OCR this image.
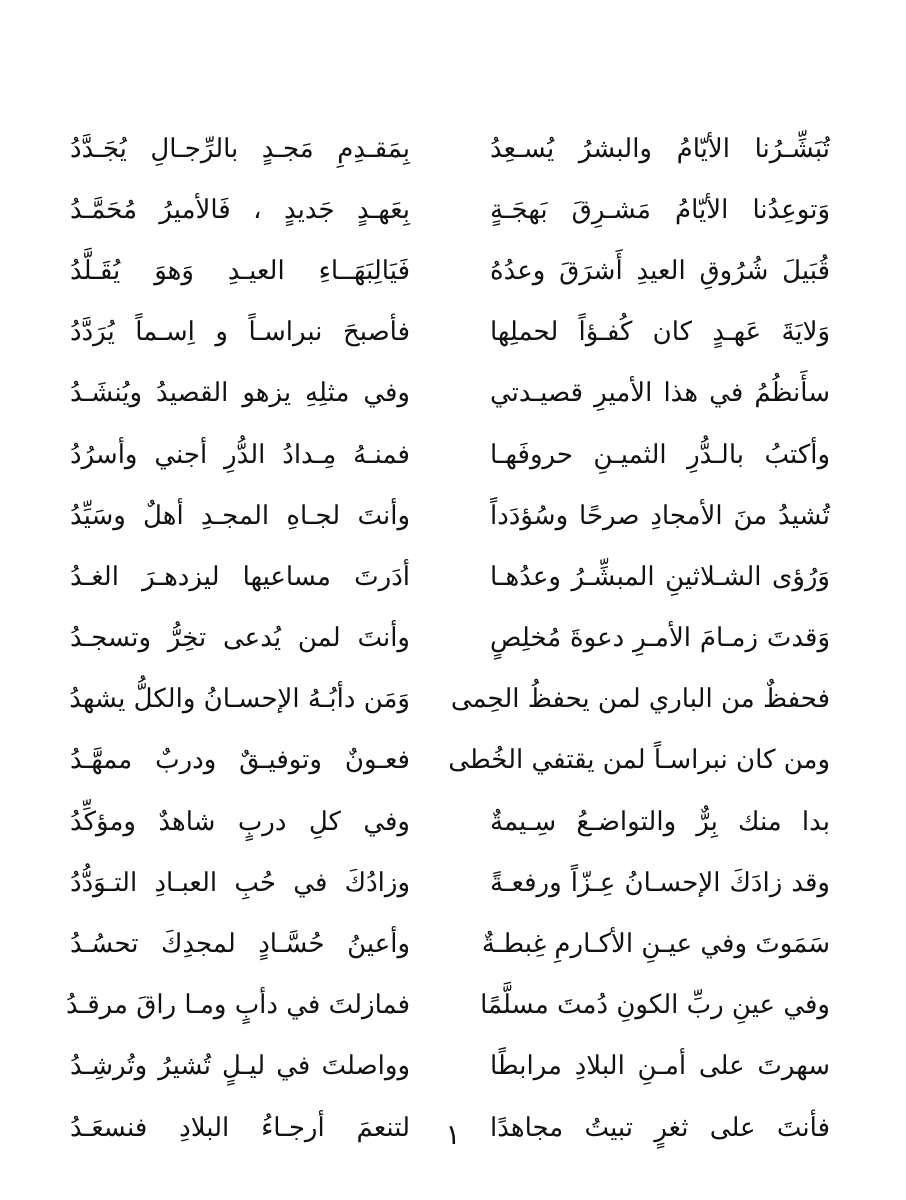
تُبَشِّـرُنا الأيّامُ والبشرُ يُسـعِدُ
بِمَقـدِمِ مَجـدٍ بالرِّجـالِ يُجَـدَّدُ
وَتوعِدُنا الأيّامُ مَشـرِقَ بَهجَـةٍ
بِعَهـدٍ جَديدٍ ، فَالأميرُ مُحَمَّـدُ
قُبَيلَ شُرُوقِ العيدِ أَشرَقَ وعدُهُ
فَيَالِبَهَــاءِ العيـدِ وَهوَ يُقَـلَّدُ
وَلايَةَ عَهـدٍ كان كُفـؤاً لحملِها
فأصبحَ نبراسـاً و اِسـماً يُرَدَّدُ
سأَنظُمُ في هذا الأميرِ قصيـدتي
وفي مثلِهِ يزهو القصيدُ ويُنشَـدُ
وأكتبُ بالـدُّرِ الثميـنِ حروفَهـا
فمنـهُ مِـدادُ الدُّرِ أجني وأسرُدُ
تُشيدُ منَ الأمجادِ صرحًا وسُؤدَداً
وأنتَ لجـاهِ المجـدِ أهلٌ وسَيِّدُ
وَرُؤى الشـلاثينِ المبشِّـرُ وعدُهـا
أدَرتَ مساعيها ليزدهـرَ الغـدُ
وَقدتَ زمـامَ الأمـرِ دعوةَ مُخلِصٍ
وأنتَ لمن يُدعى تخِرُّ وتسجـدُ
فحفظٌ من الباري لمن يحفظُ الحِمى
وَمَن دأبُـهُ الإحسـانُ والكلُّ يشهدُ
ومن كان نبراسـاً لمن يقتفي الخُطى
فعـونٌ وتوفيـقٌ ودربٌ ممهَّـدُ
بدا منك بِرٌّ والتواضـعُ سِـيمةٌ
وفي كلِ دربٍ شاهدٌ ومؤكِّدُ
وقد زادَكَ الإحسـانُ عِـزّاً ورفعـةً
وزادُكَ في حُبِ العبـادِ التـوَدُّدُ
سَمَوتَ وفي عيـنِ الأكـارمِ غِبطـةٌ
وأعينُ حُسَّـادٍ لمجدِكَ تحسُـدُ
وفي عينِ ربِّ الكونِ دُمتَ مسلَّمًا
فمازلتَ في دأبٍ ومـا راقَ مرقـدُ
سهرتَ على أمـنِ البلادِ مرابطًا
وواصلتَ في ليـلٍ تُشيرُ وتُرشِـدُ
فأنتَ على ثغرٍ تبيتُ مجاهدًا
لتنعمَ أرجـاءُ البلادِ فنسعَـدُ	١
